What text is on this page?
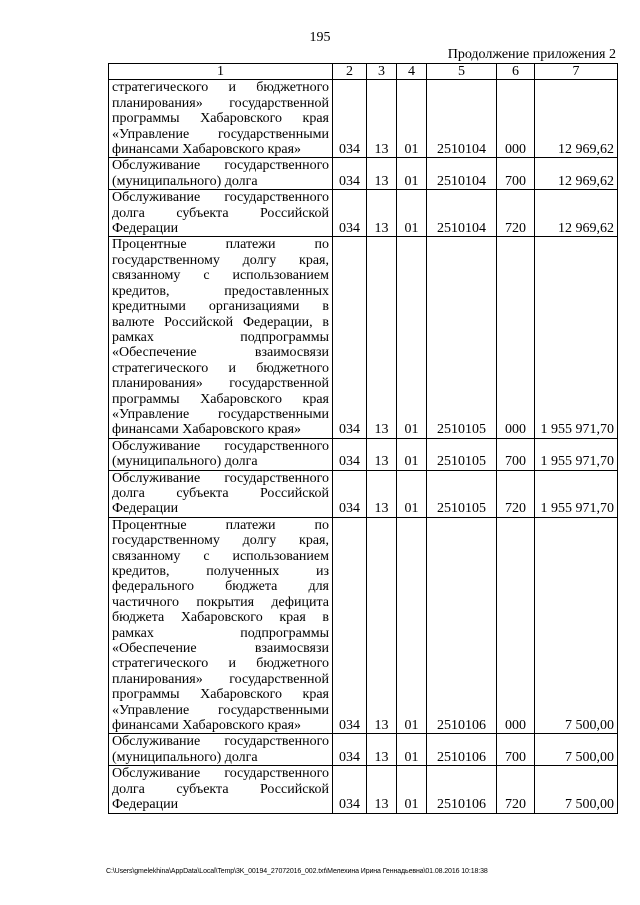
195
Продолжение приложения 2
1	2	3	4	5	6	7
стратегического и бюджетного планирования» государственной программы Хабаровского края «Управление государственными финансами Хабаровского края»	034	13	01	2510104	000	12 969,62
Обслуживание государственного (муниципального) долга	034	13	01	2510104	700	12 969,62
Обслуживание государственного долга субъекта Российской Федерации	034	13	01	2510104	720	12 969,62
Процентные платежи по государственному долгу края, связанному с использованием кредитов, предоставленных кредитными организациями в валюте Российской Федерации, в рамках подпрограммы «Обеспечение взаимосвязи стратегического и бюджетного планирования» государственной программы Хабаровского края «Управление государственными финансами Хабаровского края»	034	13	01	2510105	000	1 955 971,70
Обслуживание государственного (муниципального) долга	034	13	01	2510105	700	1 955 971,70
Обслуживание государственного долга субъекта Российской Федерации	034	13	01	2510105	720	1 955 971,70
Процентные платежи по государственному долгу края, связанному с использованием кредитов, полученных из федерального бюджета для частичного покрытия дефицита бюджета Хабаровского края в рамках подпрограммы «Обеспечение взаимосвязи стратегического и бюджетного планирования» государственной программы Хабаровского края «Управление государственными финансами Хабаровского края»	034	13	01	2510106	000	7 500,00
Обслуживание государственного (муниципального) долга	034	13	01	2510106	700	7 500,00
Обслуживание государственного долга субъекта Российской Федерации	034	13	01	2510106	720	7 500,00
C:\Users\gmelekhina\AppData\Local\Temp\3K_00194_27072016_002.txt\Мелехина Ирина Геннадьевна\01.08.2016 10:18:38
